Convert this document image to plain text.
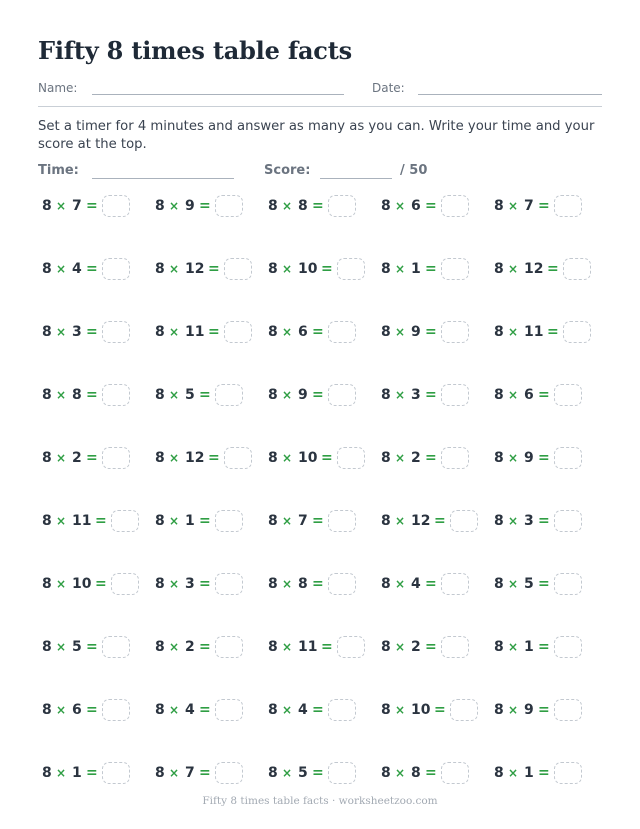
Fifty 8 times table facts
Name:	Date:
Set a timer for 4 minutes and answer as many as you can. Write your time and your score at the top.
Time:	Score:	/ 50
8 × 7 =	8 × 9 =	8 × 8 =	8 × 6 =	8 × 7 =
8 × 4 =	8 × 12 =	8 × 10 =	8 × 1 =	8 × 12 =
8 × 3 =	8 × 11 =	8 × 6 =	8 × 9 =	8 × 11 =
8 × 8 =	8 × 5 =	8 × 9 =	8 × 3 =	8 × 6 =
8 × 2 =	8 × 12 =	8 × 10 =	8 × 2 =	8 × 9 =
8 × 11 =	8 × 1 =	8 × 7 =	8 × 12 =	8 × 3 =
8 × 10 =	8 × 3 =	8 × 8 =	8 × 4 =	8 × 5 =
8 × 5 =	8 × 2 =	8 × 11 =	8 × 2 =	8 × 1 =
8 × 6 =	8 × 4 =	8 × 4 =	8 × 10 =	8 × 9 =
8 × 1 =	8 × 7 =	8 × 5 =	8 × 8 =	8 × 1 =
Fifty 8 times table facts · worksheetzoo.com
